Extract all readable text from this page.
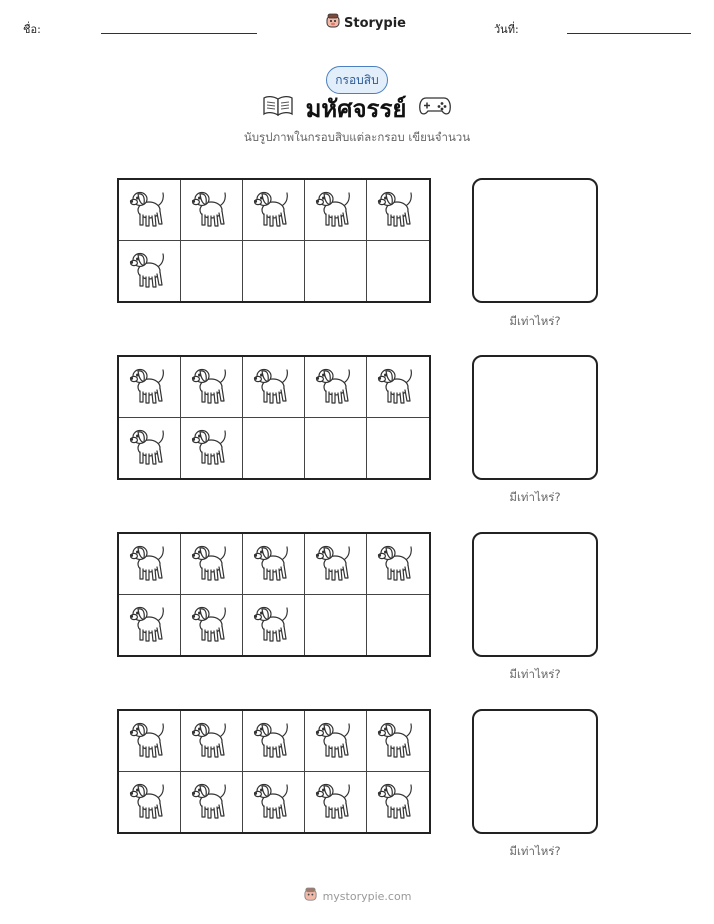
ชื่อ:	Storypie	วันที่:
กรอบสิบ
มหัศจรรย์
นับรูปภาพในกรอบสิบแต่ละกรอบ เขียนจำนวน
มีเท่าไหร่?
มีเท่าไหร่?
มีเท่าไหร่?
มีเท่าไหร่?
mystorypie.com
